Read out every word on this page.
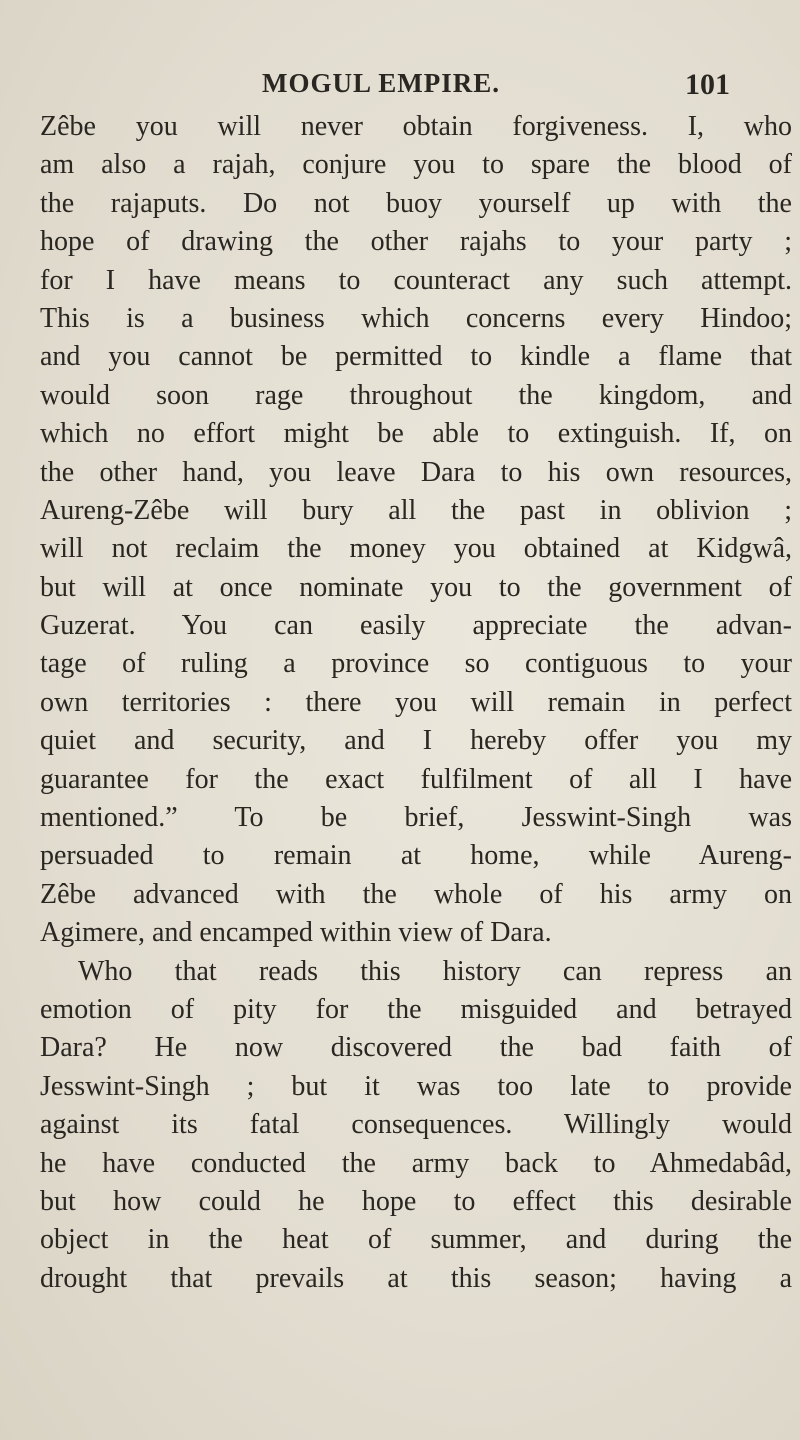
MOGUL EMPIRE.	101
Zêbe you will never obtain forgiveness. I, who
am also a rajah, conjure you to spare the blood of
the rajaputs. Do not buoy yourself up with the
hope of drawing the other rajahs to your party ;
for I have means to counteract any such attempt.
This is a business which concerns every Hindoo;
and you cannot be permitted to kindle a flame that
would soon rage throughout the kingdom, and
which no effort might be able to extinguish. If, on
the other hand, you leave Dara to his own resources,
Aureng-Zêbe will bury all the past in oblivion ;
will not reclaim the money you obtained at Kidgwâ,
but will at once nominate you to the government of
Guzerat. You can easily appreciate the advan-
tage of ruling a province so contiguous to your
own territories : there you will remain in perfect
quiet and security, and I hereby offer you my
guarantee for the exact fulfilment of all I have
mentioned.” To be brief, Jesswint-Singh was
persuaded to remain at home, while Aureng-
Zêbe advanced with the whole of his army on
Agimere, and encamped within view of Dara.
Who that reads this history can repress an
emotion of pity for the misguided and betrayed
Dara? He now discovered the bad faith of
Jesswint-Singh ; but it was too late to provide
against its fatal consequences. Willingly would
he have conducted the army back to Ahmedabâd,
but how could he hope to effect this desirable
object in the heat of summer, and during the
drought that prevails at this season; having a
